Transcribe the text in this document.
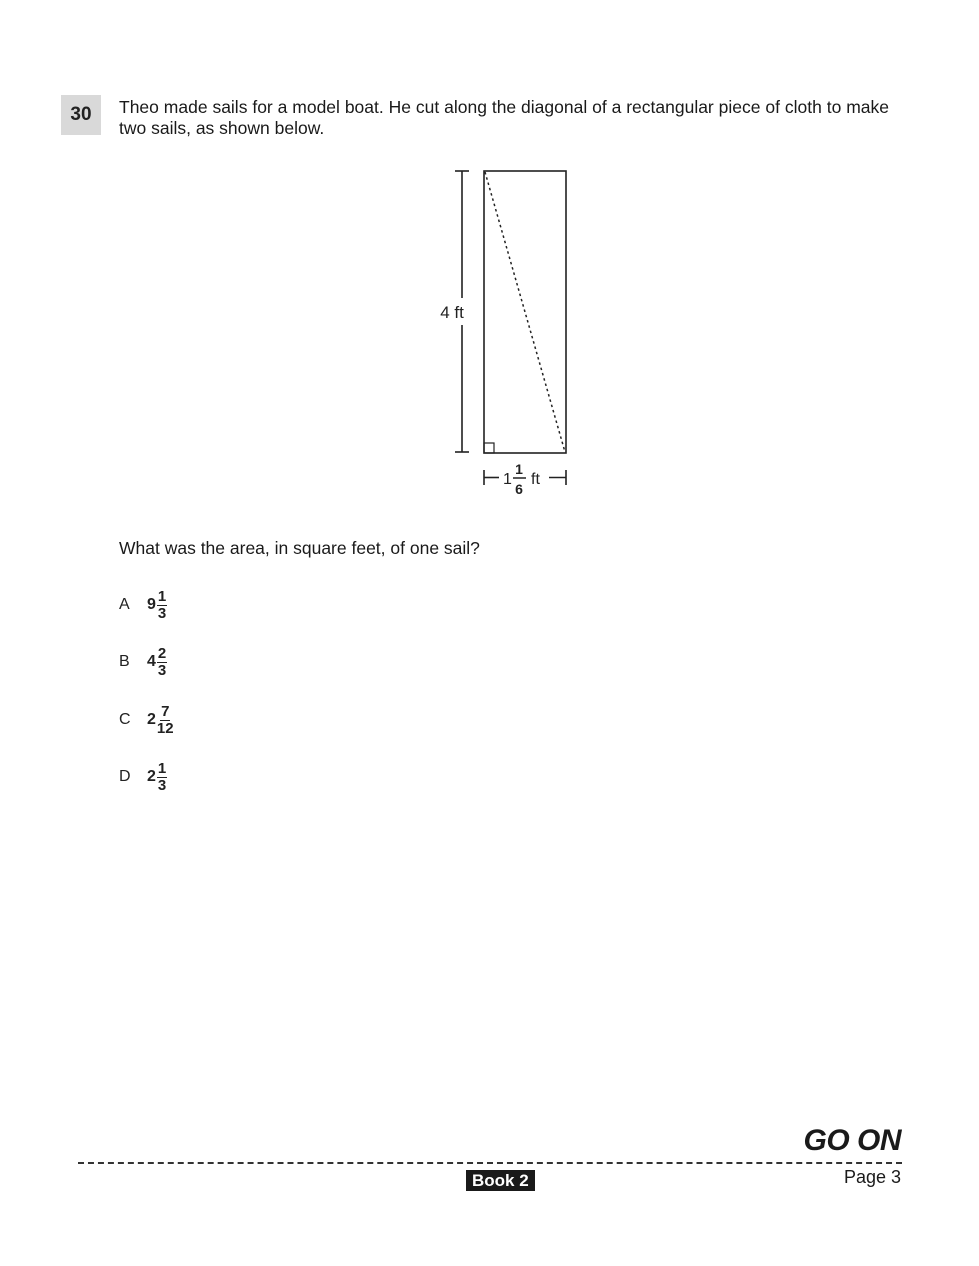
30	Theo made sails for a model boat. He cut along the diagonal of a rectangular piece of cloth to make two sails, as shown below.
4 ft
1
1
6
ft
What was the area, in square feet, of one sail?
A	$9 \frac{1}{3}$
B	$4 \frac{2}{3}$
C	$2 \frac{7}{12}$
D	$2 \frac{1}{3}$
GO ON
Book 2	Page 3
